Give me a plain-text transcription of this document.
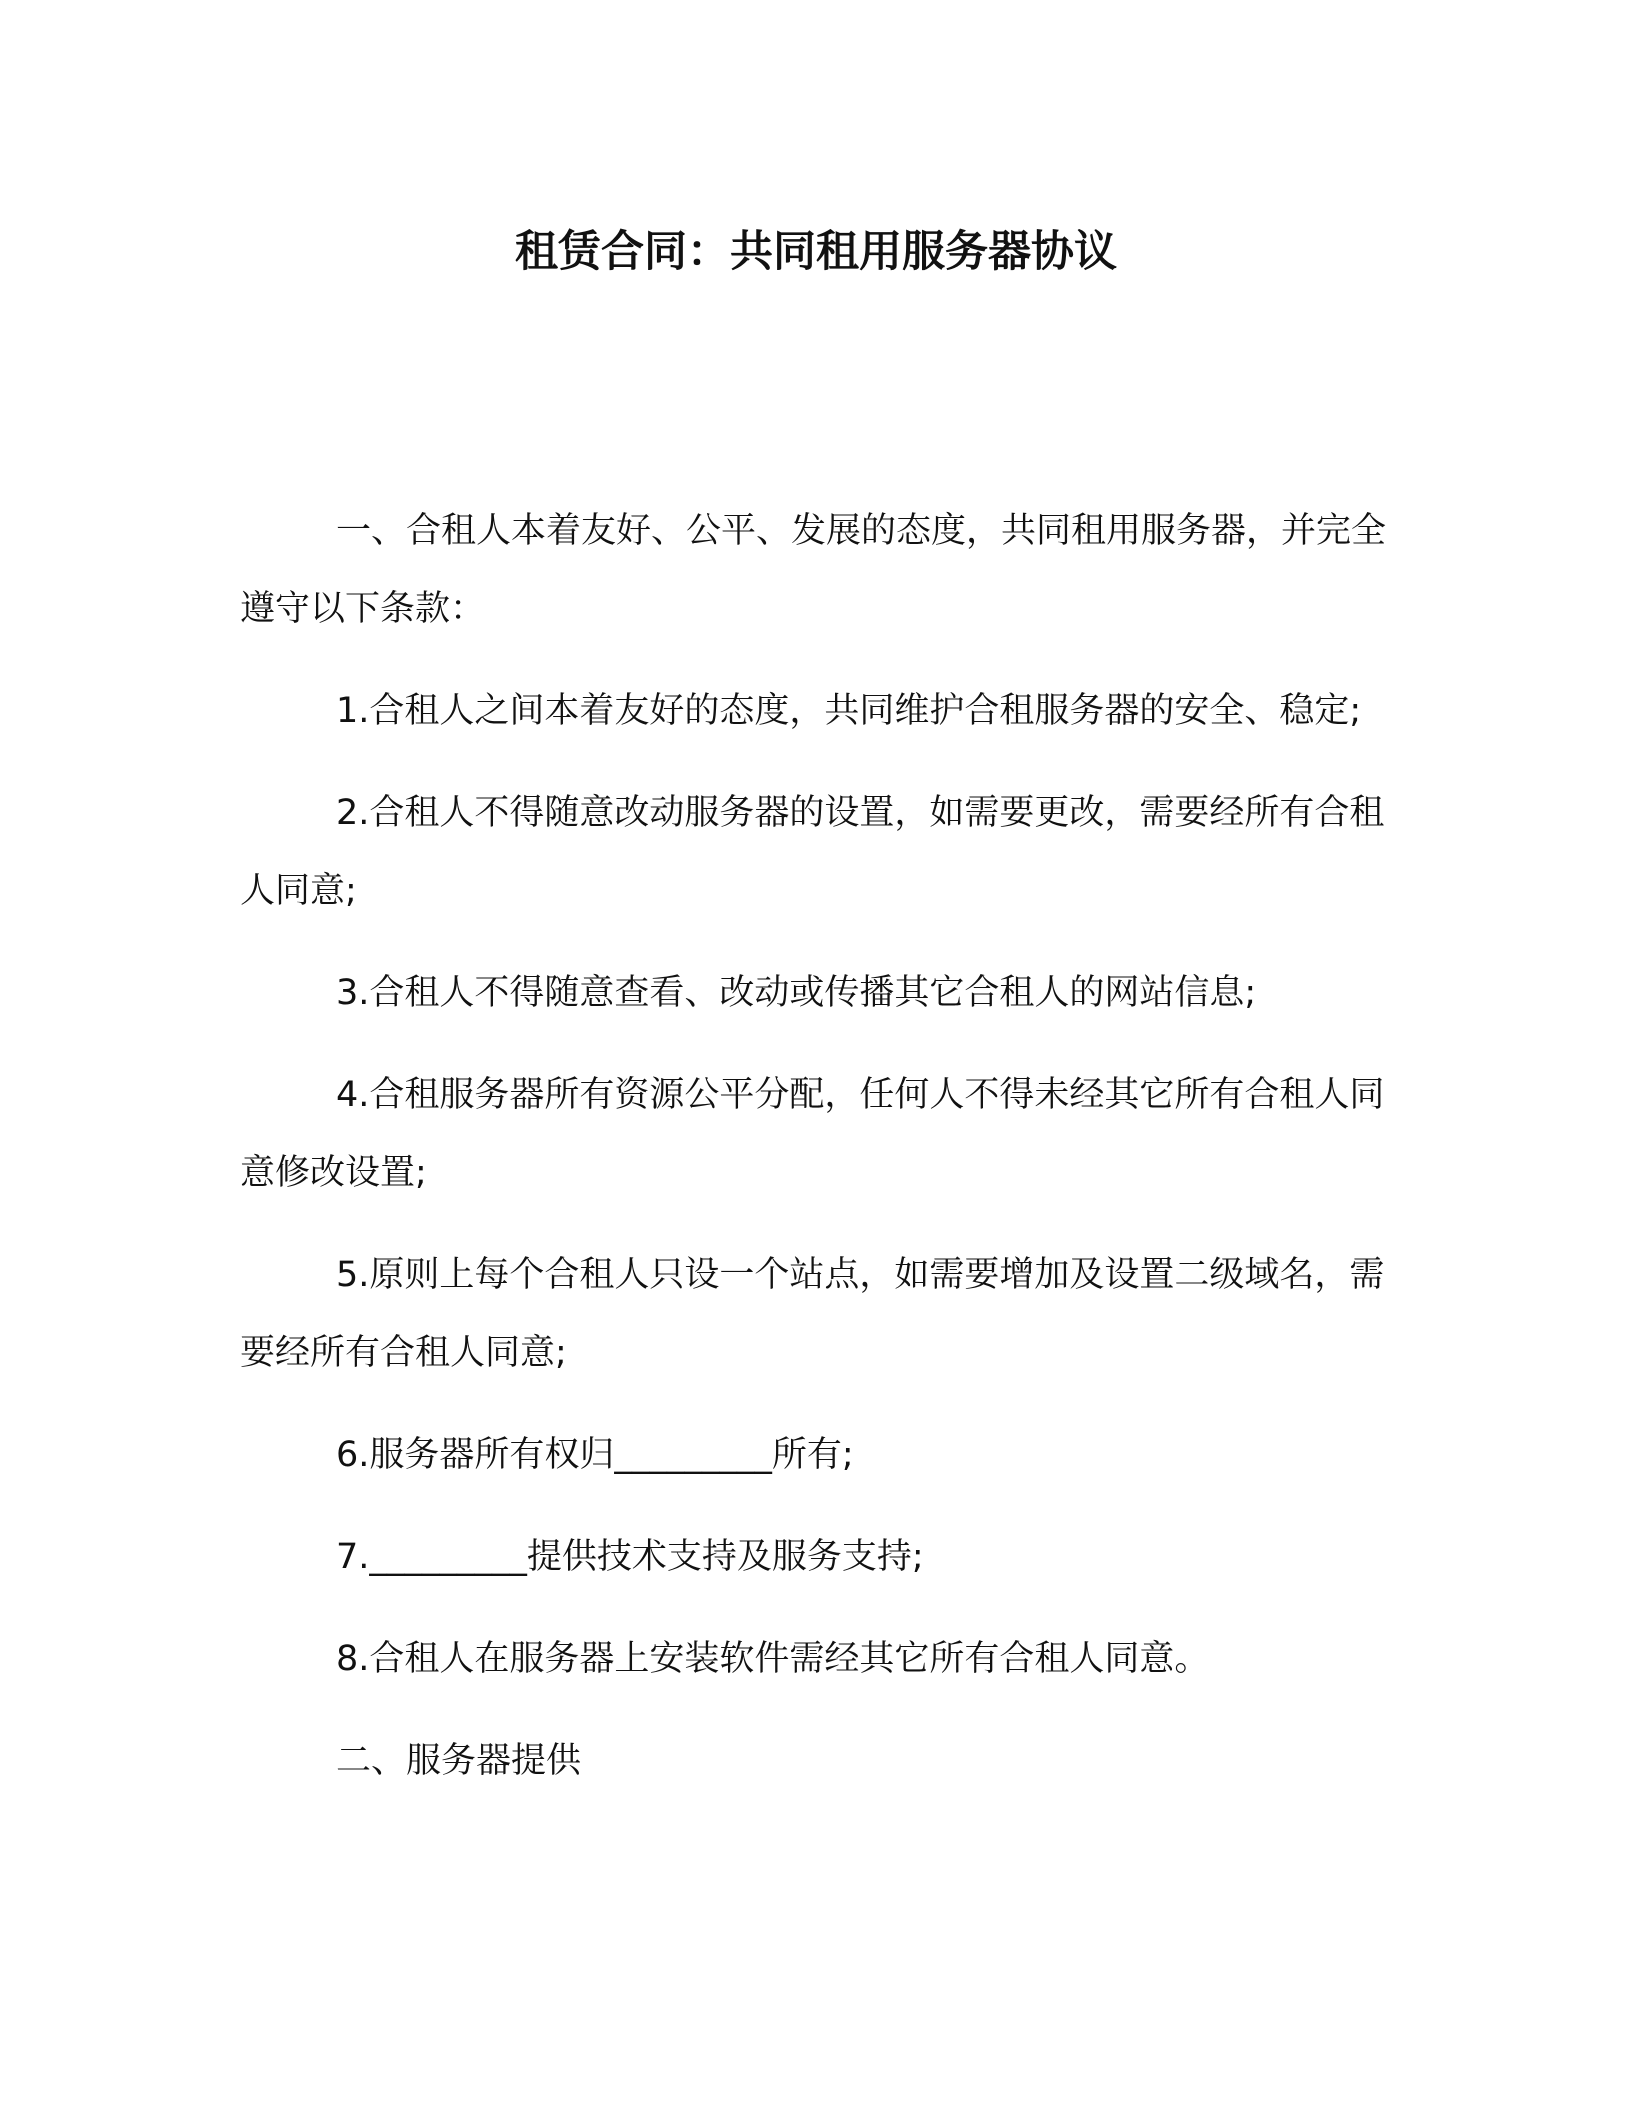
租赁合同：共同租用服务器协议

一、合租人本着友好、公平、发展的态度，共同租用服务器，并完全遵守以下条款：

1.合租人之间本着友好的态度，共同维护合租服务器的安全、稳定;

2.合租人不得随意改动服务器的设置，如需要更改，需要经所有合租人同意;

3.合租人不得随意查看、改动或传播其它合租人的网站信息;

4.合租服务器所有资源公平分配，任何人不得未经其它所有合租人同意修改设置;

5.原则上每个合租人只设一个站点，如需要增加及设置二级域名，需要经所有合租人同意;

6.服务器所有权归_________所有;

7._________提供技术支持及服务支持;

8.合租人在服务器上安装软件需经其它所有合租人同意。

二、服务器提供
